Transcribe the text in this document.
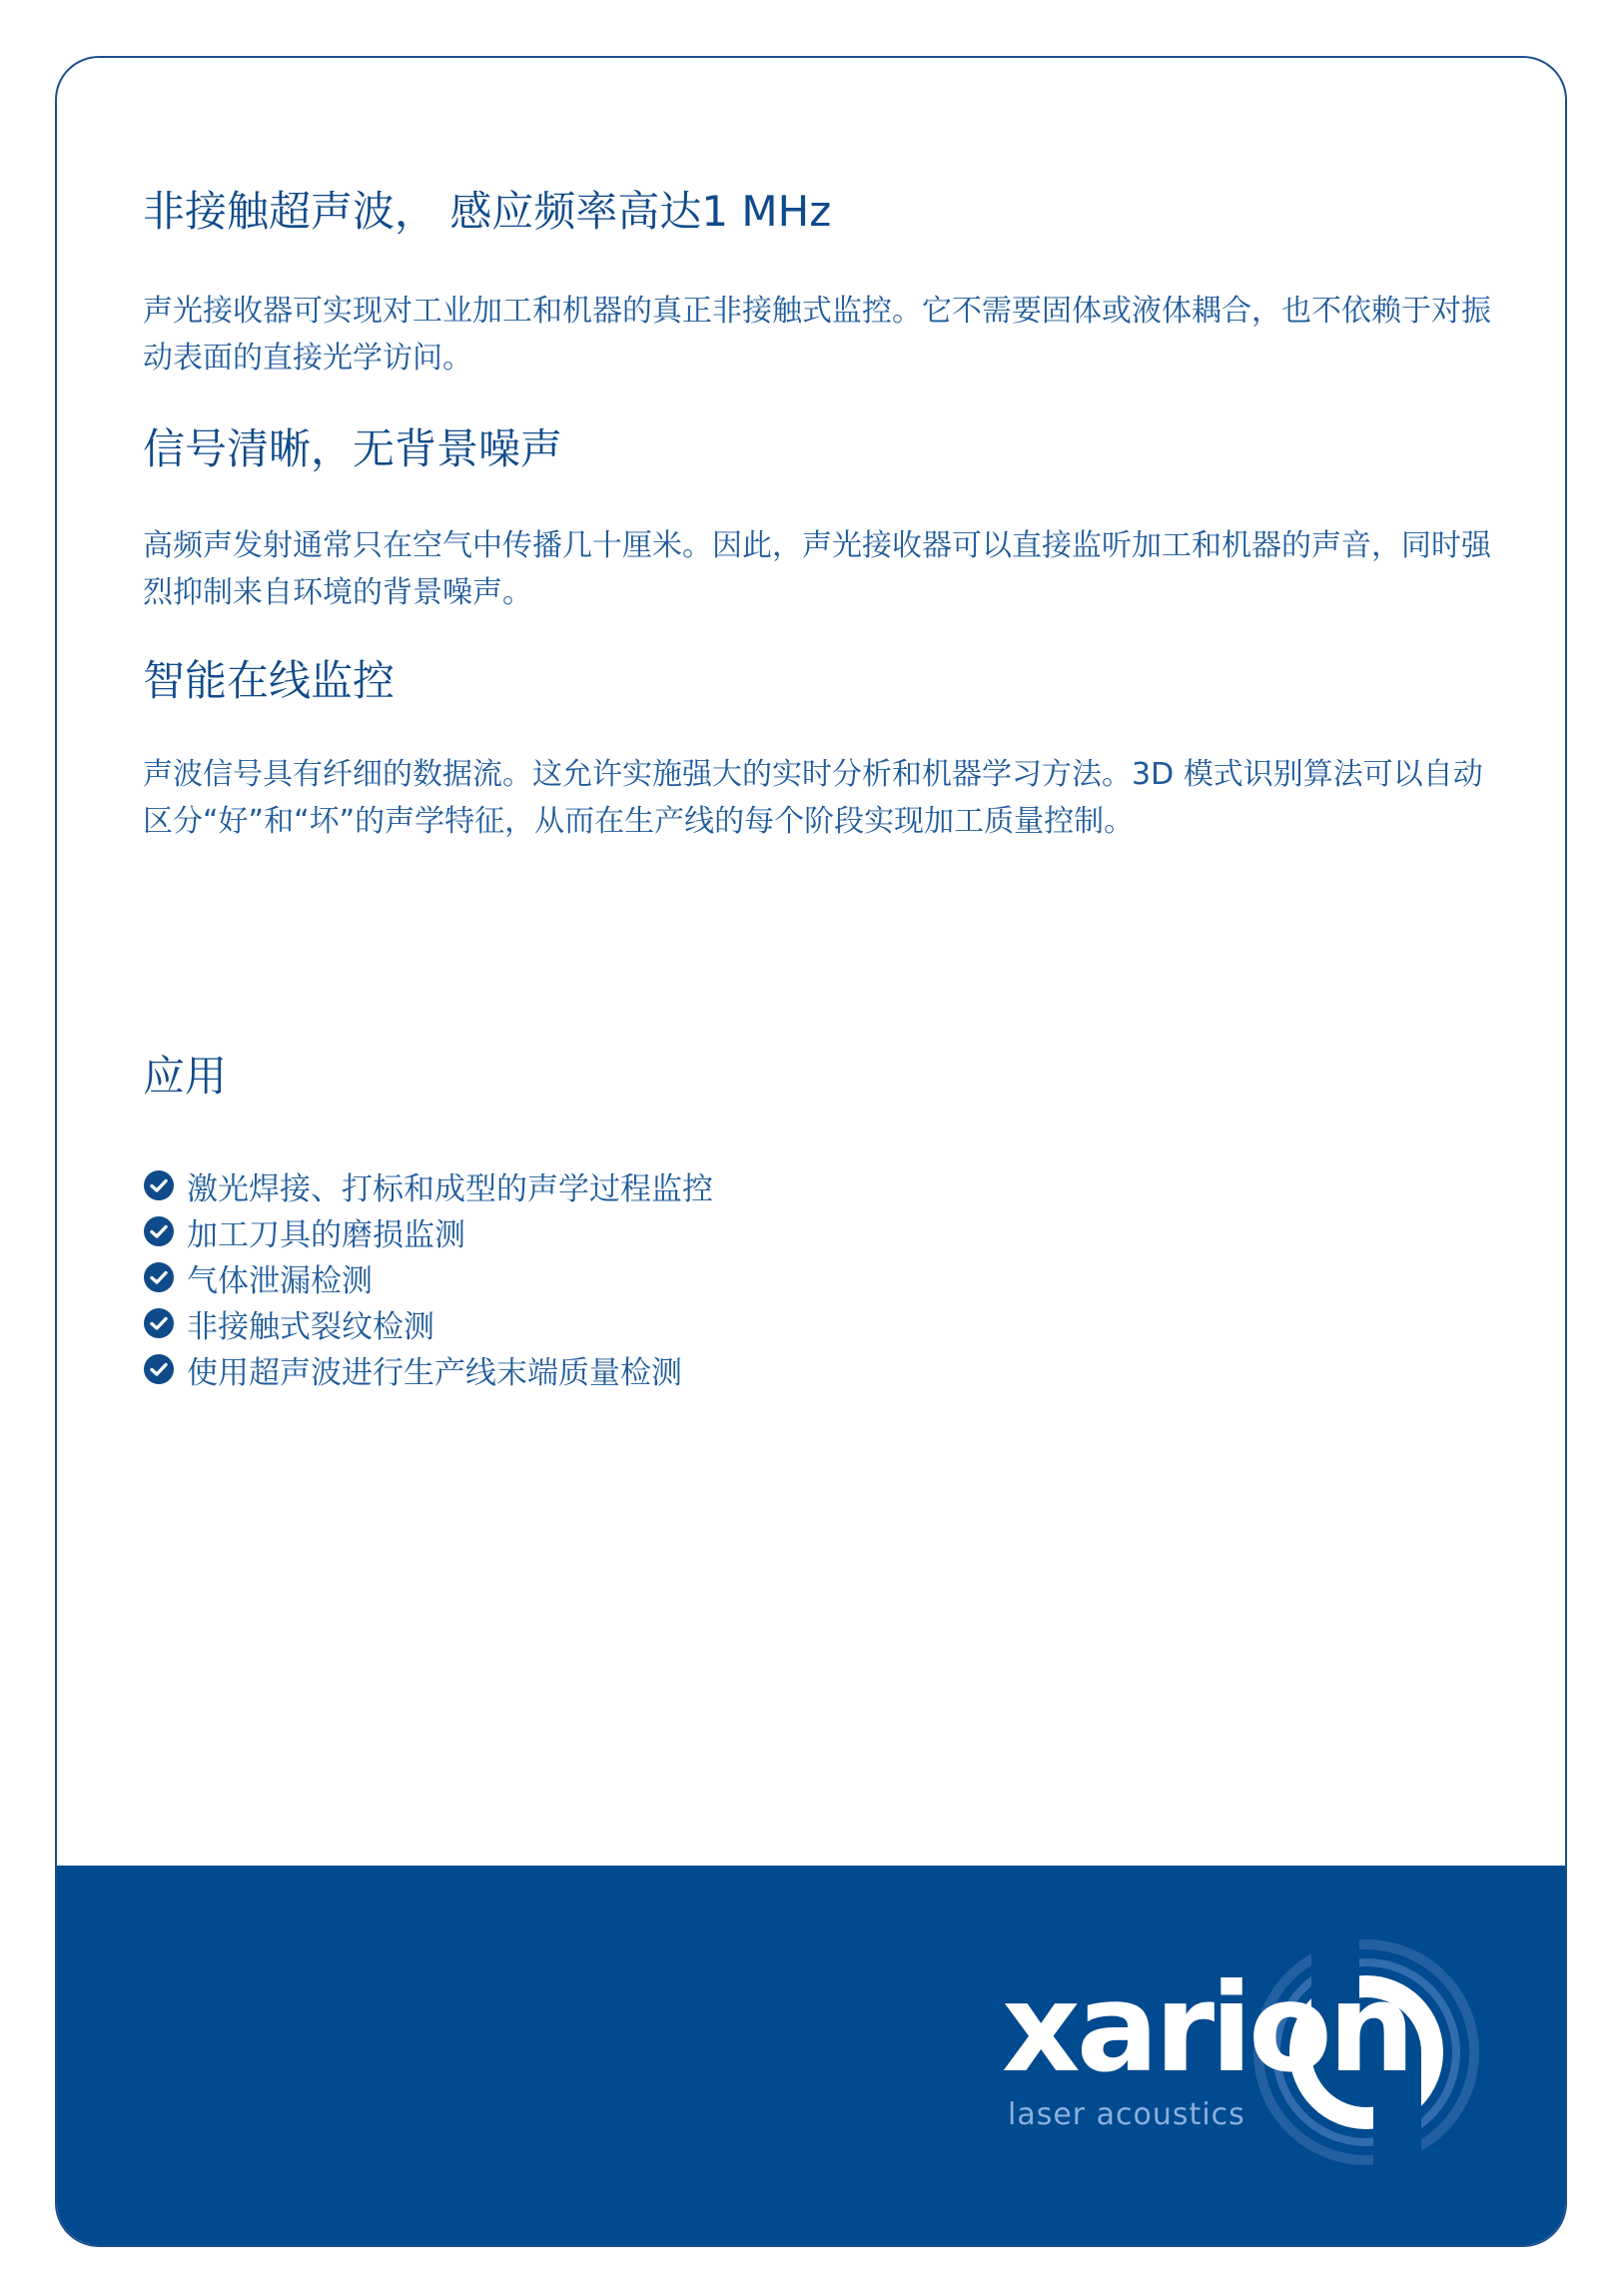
非接触超声波， 感应频率高达1 MHz

声光接收器可实现对工业加工和机器的真正非接触式监控。它不需要固体或液体耦合，也不依赖于对振动表面的直接光学访问。

信号清晰，无背景噪声

高频声发射通常只在空气中传播几十厘米。因此，声光接收器可以直接监听加工和机器的声音，同时强烈抑制来自环境的背景噪声。

智能在线监控

声波信号具有纤细的数据流。这允许实施强大的实时分析和机器学习方法。3D 模式识别算法可以自动区分“好”和“坏”的声学特征，从而在生产线的每个阶段实现加工质量控制。

应用
激光焊接、打标和成型的声学过程监控
加工刀具的磨损监测
气体泄漏检测
非接触式裂纹检测
使用超声波进行生产线末端质量检测
xarion
laser acoustics
